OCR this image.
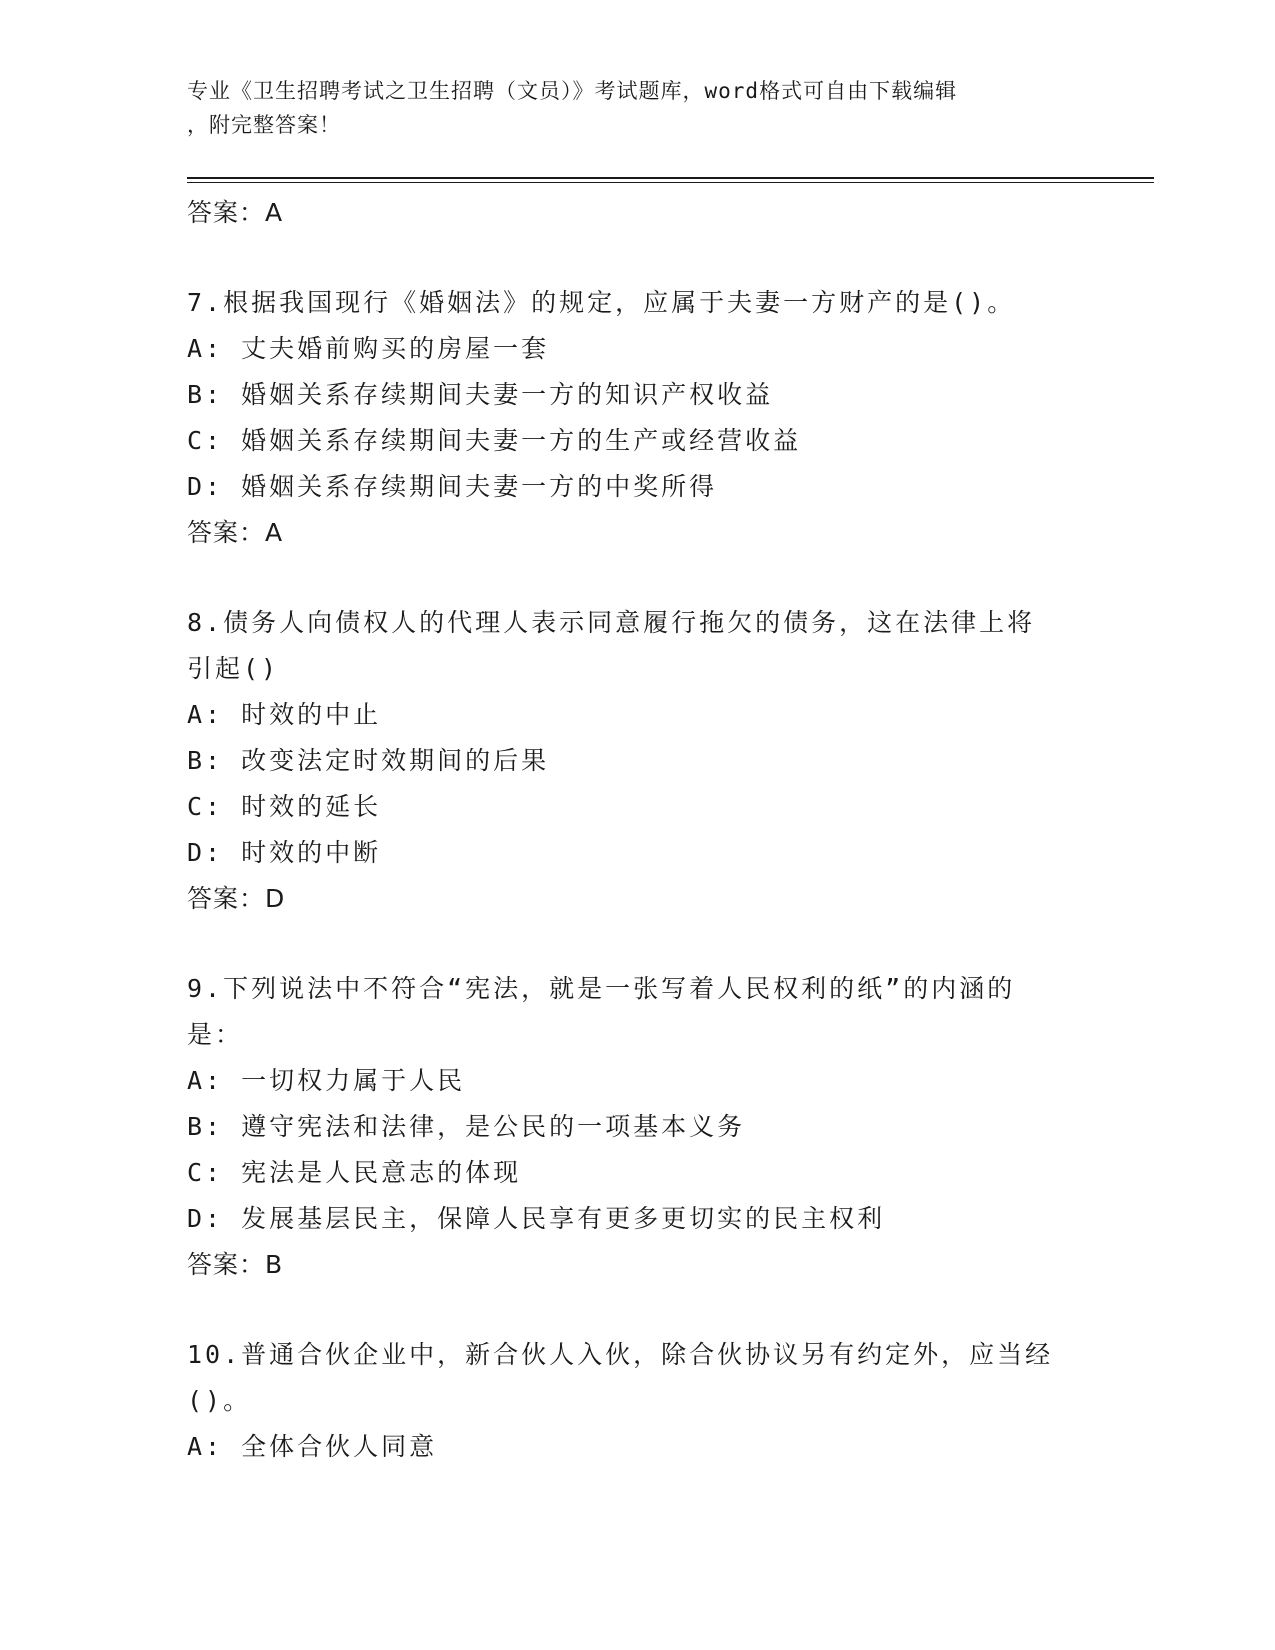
专业《卫生招聘考试之卫生招聘（文员）》考试题库，word格式可自由下载编辑
，附完整答案！
答案：A
7.根据我国现行《婚姻法》的规定，应属于夫妻一方财产的是()。
A: 丈夫婚前购买的房屋一套
B: 婚姻关系存续期间夫妻一方的知识产权收益
C: 婚姻关系存续期间夫妻一方的生产或经营收益
D: 婚姻关系存续期间夫妻一方的中奖所得
答案：A
8.债务人向债权人的代理人表示同意履行拖欠的债务，这在法律上将
引起()
A: 时效的中止
B: 改变法定时效期间的后果
C: 时效的延长
D: 时效的中断
答案：D
9.下列说法中不符合“宪法，就是一张写着人民权利的纸”的内涵的
是：
A: 一切权力属于人民
B: 遵守宪法和法律，是公民的一项基本义务
C: 宪法是人民意志的体现
D: 发展基层民主，保障人民享有更多更切实的民主权利
答案：B
10.普通合伙企业中，新合伙人入伙，除合伙协议另有约定外，应当经
()。
A: 全体合伙人同意
